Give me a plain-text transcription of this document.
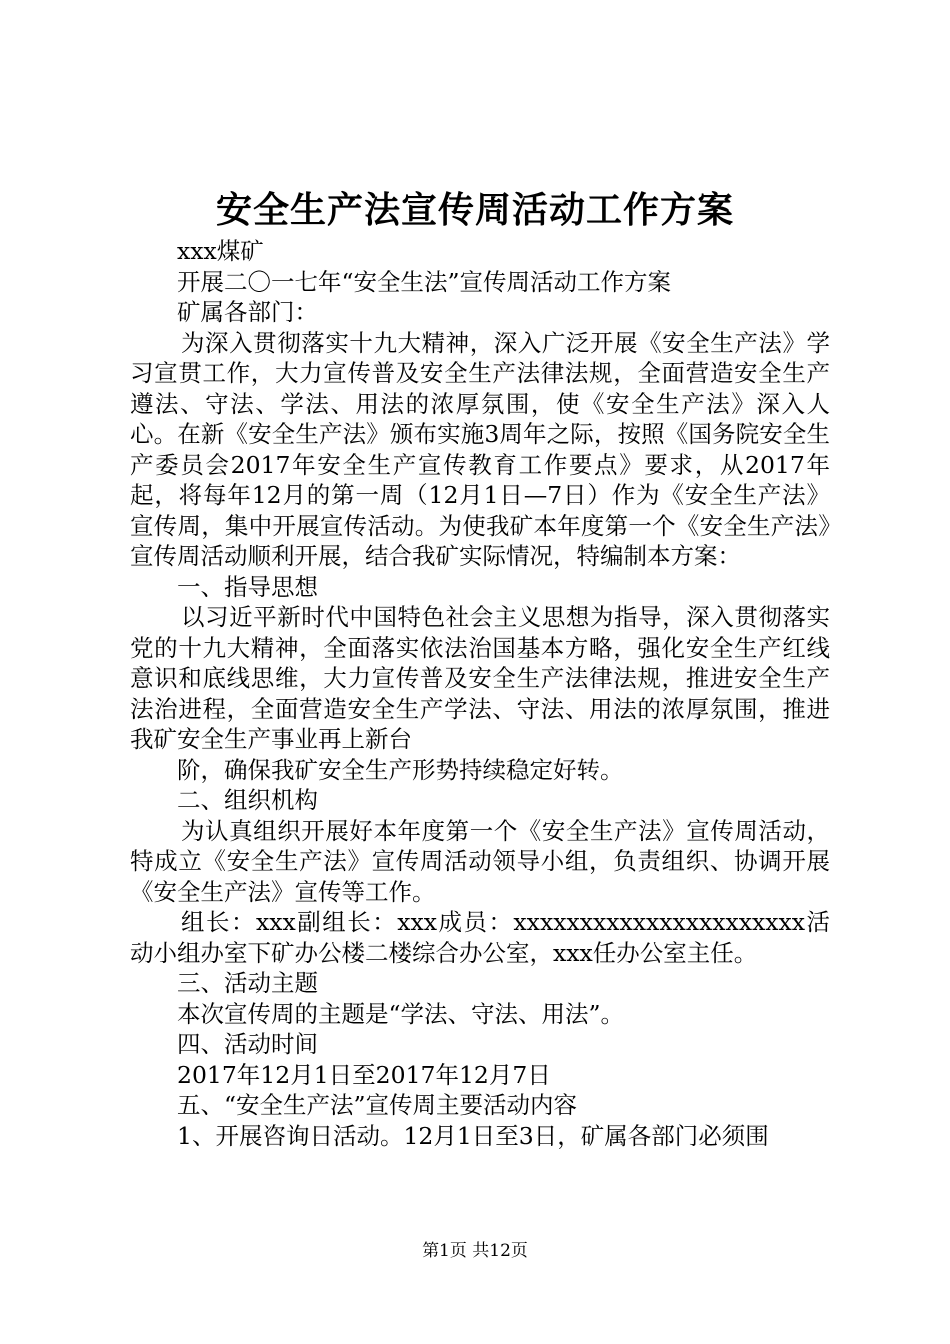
安全生产法宣传周活动工作方案

xxx煤矿

开展二〇一七年“安全生法”宣传周活动工作方案

矿属各部门：

为深入贯彻落实十九大精神，深入广泛开展《安全生产法》学习宣贯工作，大力宣传普及安全生产法律法规，全面营造安全生产遵法、守法、学法、用法的浓厚氛围，使《安全生产法》深入人心。在新《安全生产法》颁布实施3周年之际，按照《国务院安全生产委员会2017年安全生产宣传教育工作要点》要求，从2017年起，将每年12月的第一周（12月1日—7日）作为《安全生产法》宣传周，集中开展宣传活动。为使我矿本年度第一个《安全生产法》宣传周活动顺利开展，结合我矿实际情况，特编制本方案：

一、指导思想

以习近平新时代中国特色社会主义思想为指导，深入贯彻落实党的十九大精神，全面落实依法治国基本方略，强化安全生产红线意识和底线思维，大力宣传普及安全生产法律法规，推进安全生产法治进程，全面营造安全生产学法、守法、用法的浓厚氛围，推进我矿安全生产事业再上新台

阶，确保我矿安全生产形势持续稳定好转。

二、组织机构

为认真组织开展好本年度第一个《安全生产法》宣传周活动，特成立《安全生产法》宣传周活动领导小组，负责组织、协调开展《安全生产法》宣传等工作。

组长：xxx副组长：xxx成员：xxxxxxxxxxxxxxxxxxxxxx活动小组办室下矿办公楼二楼综合办公室，xxx任办公室主任。

三、活动主题

本次宣传周的主题是“学法、守法、用法”。

四、活动时间

2017年12月1日至2017年12月7日

五、“安全生产法”宣传周主要活动内容

1、开展咨询日活动。12月1日至3日，矿属各部门必须围

第1页 共12页
